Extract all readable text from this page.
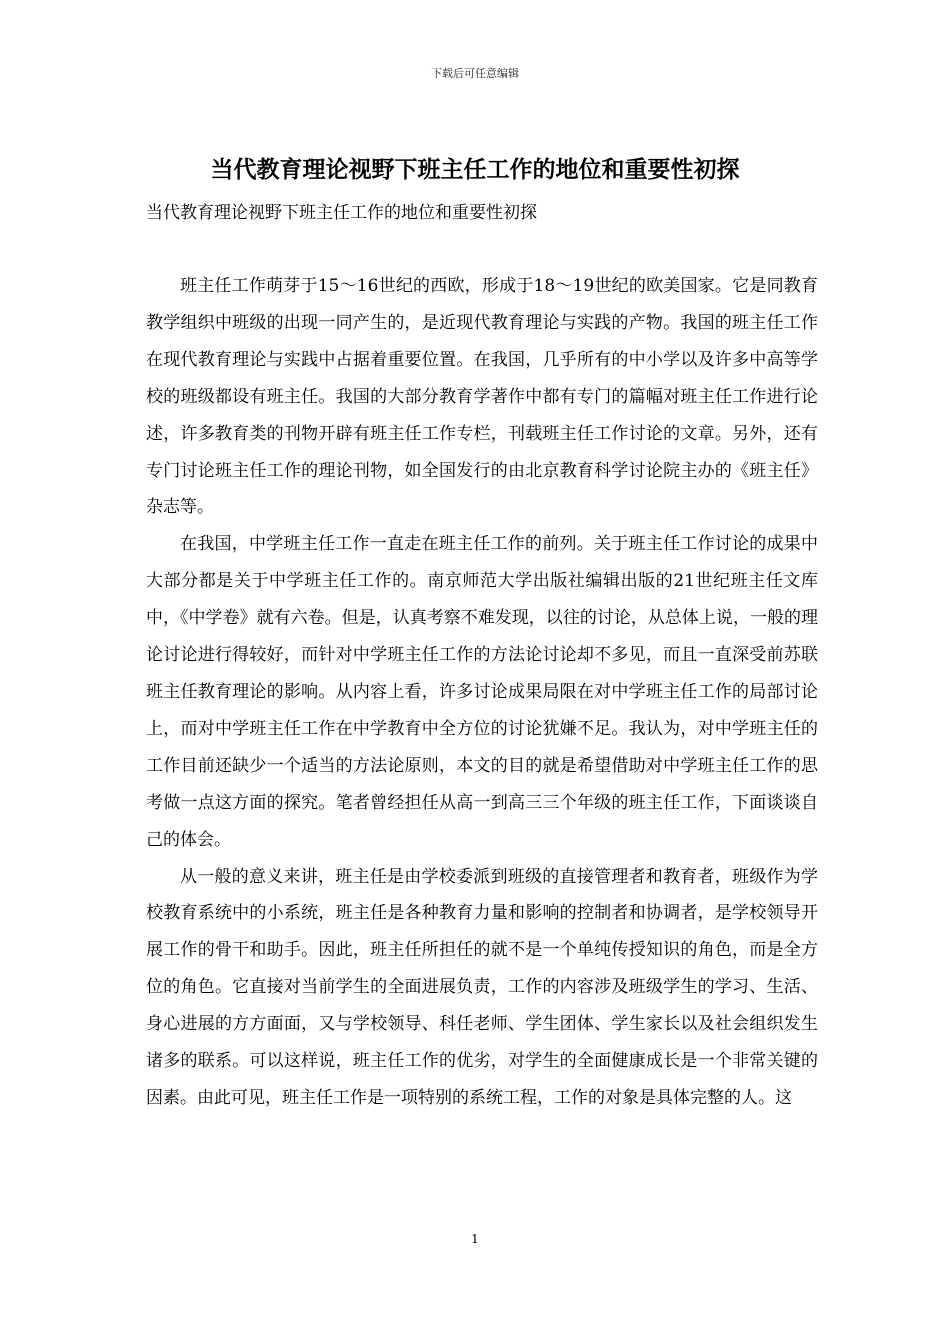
下载后可任意编辑
当代教育理论视野下班主任工作的地位和重要性初探
当代教育理论视野下班主任工作的地位和重要性初探

班主任工作萌芽于15～16世纪的西欧，形成于18～19世纪的欧美国家。它是同教育教学组织中班级的出现一同产生的，是近现代教育理论与实践的产物。我国的班主任工作在现代教育理论与实践中占据着重要位置。在我国，几乎所有的中小学以及许多中高等学校的班级都设有班主任。我国的大部分教育学著作中都有专门的篇幅对班主任工作进行论述，许多教育类的刊物开辟有班主任工作专栏，刊载班主任工作讨论的文章。另外，还有专门讨论班主任工作的理论刊物，如全国发行的由北京教育科学讨论院主办的《班主任》杂志等。

在我国，中学班主任工作一直走在班主任工作的前列。关于班主任工作讨论的成果中大部分都是关于中学班主任工作的。南京师范大学出版社编辑出版的21世纪班主任文库中，《中学卷》就有六卷。但是，认真考察不难发现，以往的讨论，从总体上说，一般的理论讨论进行得较好，而针对中学班主任工作的方法论讨论却不多见，而且一直深受前苏联班主任教育理论的影响。从内容上看，许多讨论成果局限在对中学班主任工作的局部讨论上，而对中学班主任工作在中学教育中全方位的讨论犹嫌不足。我认为，对中学班主任的工作目前还缺少一个适当的方法论原则，本文的目的就是希望借助对中学班主任工作的思考做一点这方面的探究。笔者曾经担任从高一到高三三个年级的班主任工作，下面谈谈自己的体会。

从一般的意义来讲，班主任是由学校委派到班级的直接管理者和教育者，班级作为学校教育系统中的小系统，班主任是各种教育力量和影响的控制者和协调者，是学校领导开展工作的骨干和助手。因此，班主任所担任的就不是一个单纯传授知识的角色，而是全方位的角色。它直接对当前学生的全面进展负责，工作的内容涉及班级学生的学习、生活、身心进展的方方面面，又与学校领导、科任老师、学生团体、学生家长以及社会组织发生诸多的联系。可以这样说，班主任工作的优劣，对学生的全面健康成长是一个非常关键的因素。由此可见，班主任工作是一项特别的系统工程，工作的对象是具体完整的人。这

1
